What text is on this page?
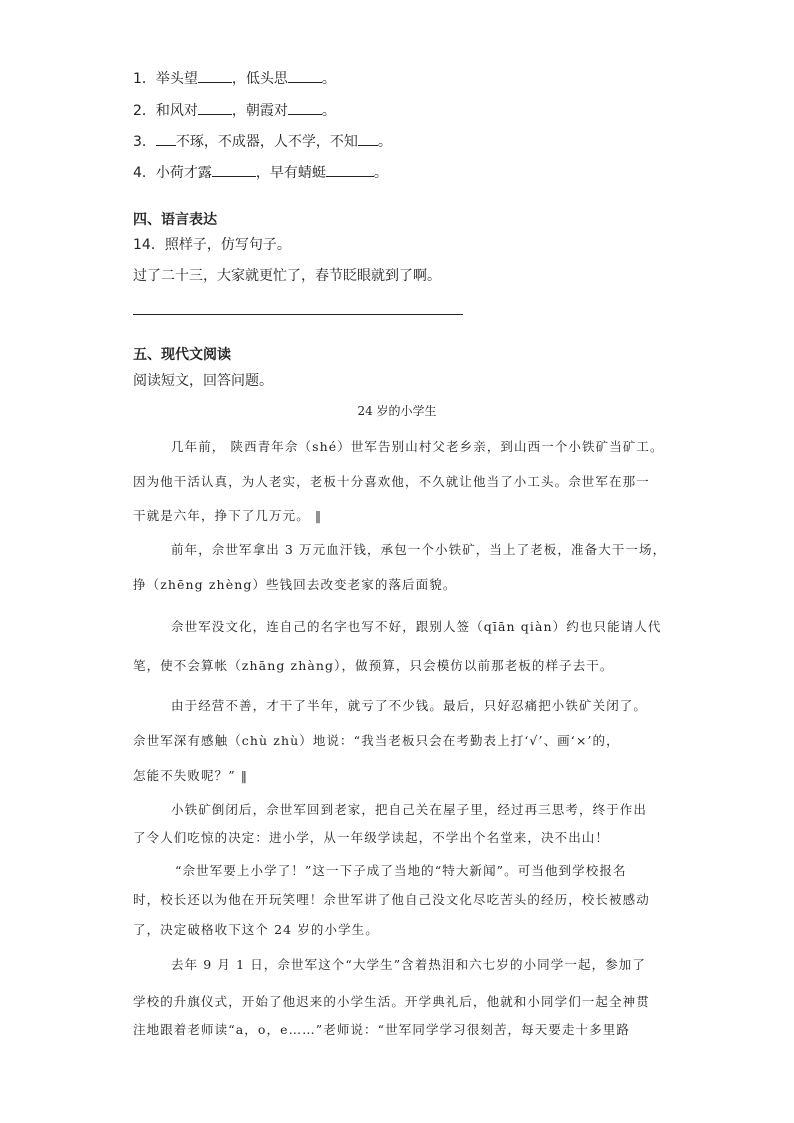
1．举头望 ，低头思 。
2．和风对 ，朝霞对 。
3． 不琢，不成器，人不学，不知 。
4．小荷才露	，早有蜻蜓	。
四、语言表达
14．照样子，仿写句子。
过了二十三，大家就更忙了，春节眨眼就到了啊。
五、现代文阅读
阅读短文，回答问题。
24 岁的小学生
几年前， 陕西青年佘（shé）世军告别山村父老乡亲，到山西一个小铁矿当矿工。
因为他干活认真，为人老实，老板十分喜欢他，不久就让他当了小工头。佘世军在那一
干就是六年，挣下了几万元。 ‖
前年，佘世军拿出 3 万元血汗钱，承包一个小铁矿，当上了老板，准备大干一场，
挣（zhēng zhèng）些钱回去改变老家的落后面貌。
佘世军没文化，连自己的名字也写不好，跟别人签（qīān qiàn）约也只能请人代
笔，使不会算帐（zhāng zhàng），做预算，只会模仿以前那老板的样子去干。
由于经营不善，才干了半年，就亏了不少钱。最后，只好忍痛把小铁矿关闭了。
佘世军深有感触（chù zhù）地说：“我当老板只会在考勤表上打‘√’、画‘×’的，
怎能不失败呢？” ‖
小铁矿倒闭后，佘世军回到老家，把自己关在屋子里，经过再三思考，终于作出
了令人们吃惊的决定：进小学，从一年级学读起，不学出个名堂来，决不出山！
“佘世军要上小学了！”这一下子成了当地的“特大新闻”。可当他到学校报名
时，校长还以为他在开玩笑哩！佘世军讲了他自己没文化尽吃苦头的经历，校长被感动
了，决定破格收下这个 24 岁的小学生。
去年 9 月 1 日，佘世军这个“大学生”含着热泪和六七岁的小同学一起，参加了
学校的升旗仪式，开始了他迟来的小学生活。开学典礼后，他就和小同学们一起全神贯
注地跟着老师读“a，o，e……”老师说：“世军同学学习很刻苦，每天要走十多里路
